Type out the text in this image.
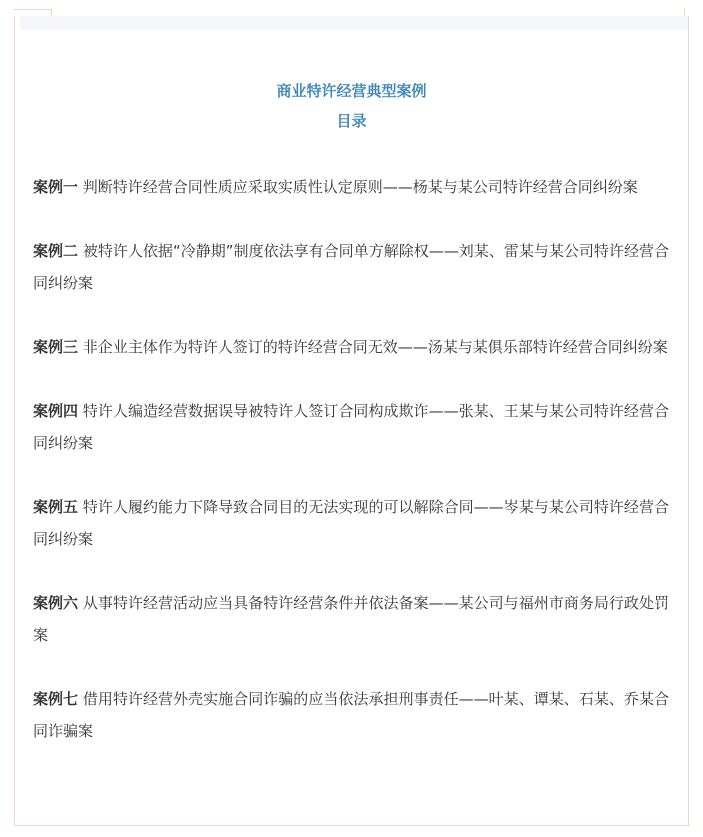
商业特许经营典型案例
目录

案例一 判断特许经营合同性质应采取实质性认定原则——杨某与某公司特许经营合同纠纷案

案例二 被特许人依据“冷静期”制度依法享有合同单方解除权——刘某、雷某与某公司特许经营合同纠纷案

案例三 非企业主体作为特许人签订的特许经营合同无效——汤某与某俱乐部特许经营合同纠纷案

案例四 特许人编造经营数据误导被特许人签订合同构成欺诈——张某、王某与某公司特许经营合同纠纷案

案例五 特许人履约能力下降导致合同目的无法实现的可以解除合同——岑某与某公司特许经营合同纠纷案

案例六 从事特许经营活动应当具备特许经营条件并依法备案——某公司与福州市商务局行政处罚案

案例七 借用特许经营外壳实施合同诈骗的应当依法承担刑事责任——叶某、谭某、石某、乔某合同诈骗案
